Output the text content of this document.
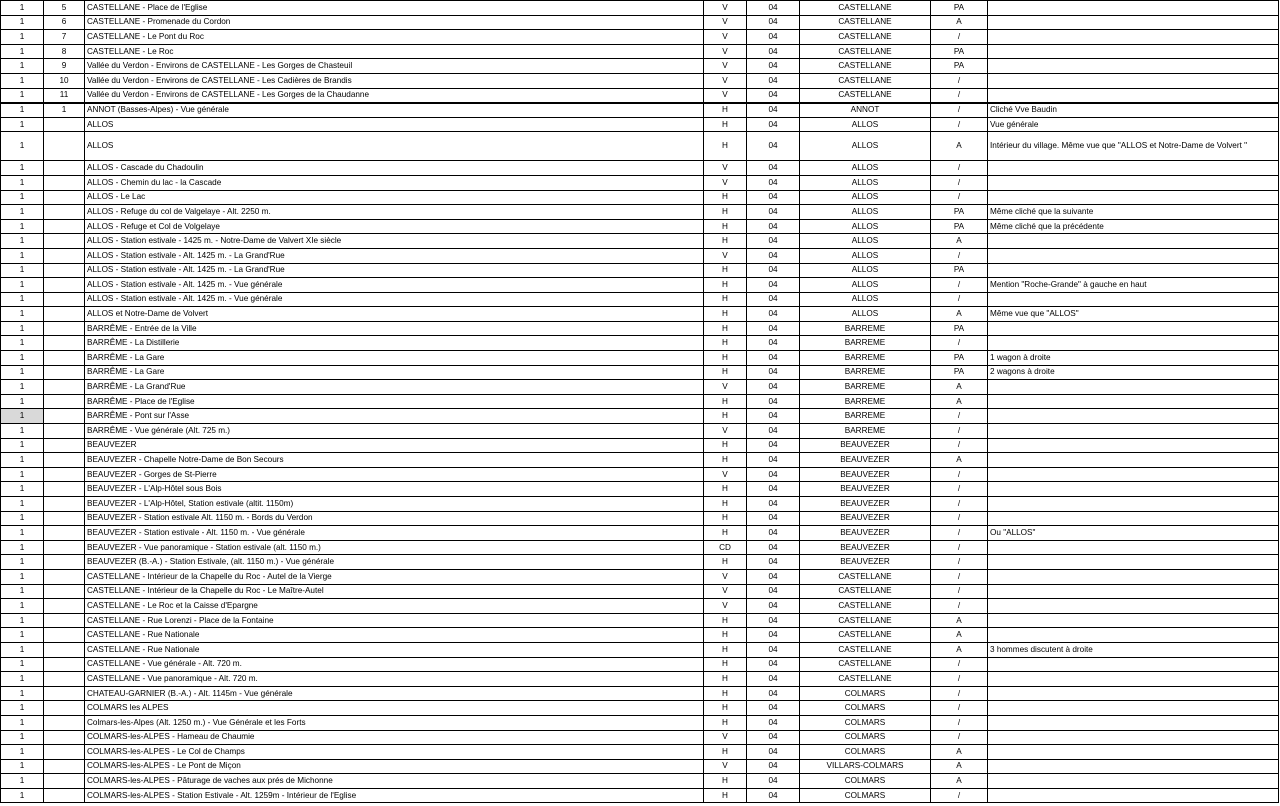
1	5	CASTELLANE - Place de l'Eglise	V	04	CASTELLANE	PA	
1	6	CASTELLANE - Promenade du Cordon	V	04	CASTELLANE	A	
1	7	CASTELLANE - Le Pont du Roc	V	04	CASTELLANE	/	
1	8	CASTELLANE - Le Roc	V	04	CASTELLANE	PA	
1	9	Vallée du Verdon - Environs de CASTELLANE - Les Gorges de Chasteuil	V	04	CASTELLANE	PA	
1	10	Vallée du Verdon - Environs de CASTELLANE - Les Cadières de Brandis	V	04	CASTELLANE	/	
1	11	Vallée du Verdon - Environs de CASTELLANE - Les Gorges de la Chaudanne	V	04	CASTELLANE	/	
1	1	ANNOT (Basses-Alpes) - Vue générale	H	04	ANNOT	/	Cliché Vve Baudin
1		ALLOS	H	04	ALLOS	/	Vue générale
1		ALLOS	H	04	ALLOS	A	Intérieur du village. Même vue que "ALLOS et Notre-Dame de Volvert "
1		ALLOS - Cascade du Chadoulin	V	04	ALLOS	/	
1		ALLOS - Chemin du lac - la Cascade	V	04	ALLOS	/	
1		ALLOS - Le Lac	H	04	ALLOS	/	
1		ALLOS - Refuge du col de Valgelaye - Alt. 2250 m.	H	04	ALLOS	PA	Même cliché que la suivante
1		ALLOS - Refuge et Col de Volgelaye	H	04	ALLOS	PA	Même cliché que la précédente
1		ALLOS - Station estivale - 1425 m. - Notre-Dame de Valvert XIe siècle	H	04	ALLOS	A	
1		ALLOS - Station estivale - Alt. 1425 m. - La Grand'Rue	V	04	ALLOS	/	
1		ALLOS - Station estivale - Alt. 1425 m. - La Grand'Rue	H	04	ALLOS	PA	
1		ALLOS - Station estivale - Alt. 1425 m. - Vue générale	H	04	ALLOS	/	Mention "Roche-Grande" à gauche en haut
1		ALLOS - Station estivale - Alt. 1425 m. - Vue générale	H	04	ALLOS	/	
1		ALLOS et Notre-Dame de Volvert	H	04	ALLOS	A	Même vue que "ALLOS"
1		BARRÊME - Entrée de la Ville	H	04	BARREME	PA	
1		BARRÊME - La Distillerie	H	04	BARREME	/	
1		BARRÊME - La Gare	H	04	BARREME	PA	1 wagon à droite
1		BARRÊME - La Gare	H	04	BARREME	PA	2 wagons à droite
1		BARRÊME - La Grand'Rue	V	04	BARREME	A	
1		BARRÊME - Place de l'Eglise	H	04	BARREME	A	
1		BARRÊME - Pont sur l'Asse	H	04	BARREME	/	
1		BARRÊME - Vue générale (Alt. 725 m.)	V	04	BARREME	/	
1		BEAUVEZER	H	04	BEAUVEZER	/	
1		BEAUVEZER - Chapelle Notre-Dame de Bon Secours	H	04	BEAUVEZER	A	
1		BEAUVEZER - Gorges de St-Pierre	V	04	BEAUVEZER	/	
1		BEAUVEZER - L'Alp-Hôtel sous Bois	H	04	BEAUVEZER	/	
1		BEAUVEZER - L'Alp-Hôtel, Station estivale (altit. 1150m)	H	04	BEAUVEZER	/	
1		BEAUVEZER - Station estivale Alt. 1150 m. - Bords du Verdon	H	04	BEAUVEZER	/	
1		BEAUVEZER - Station estivale - Alt. 1150 m. - Vue générale	H	04	BEAUVEZER	/	Ou "ALLOS"
1		BEAUVEZER - Vue panoramique - Station estivale (alt. 1150 m.)	CD	04	BEAUVEZER	/	
1		BEAUVEZER (B.-A.) - Station Estivale, (alt. 1150 m.) - Vue générale	H	04	BEAUVEZER	/	
1		CASTELLANE - Intérieur de la Chapelle du Roc - Autel de la Vierge	V	04	CASTELLANE	/	
1		CASTELLANE - Intérieur de la Chapelle du Roc - Le Maître-Autel	V	04	CASTELLANE	/	
1		CASTELLANE - Le Roc et la Caisse d'Epargne	V	04	CASTELLANE	/	
1		CASTELLANE - Rue Lorenzi - Place de la Fontaine	H	04	CASTELLANE	A	
1		CASTELLANE - Rue Nationale	H	04	CASTELLANE	A	
1		CASTELLANE - Rue Nationale	H	04	CASTELLANE	A	3 hommes discutent à droite
1		CASTELLANE - Vue générale - Alt. 720 m.	H	04	CASTELLANE	/	
1		CASTELLANE - Vue panoramique - Alt. 720 m.	H	04	CASTELLANE	/	
1		CHATEAU-GARNIER (B.-A.) - Alt. 1145m - Vue générale	H	04	COLMARS	/	
1		COLMARS les ALPES	H	04	COLMARS	/	
1		Colmars-les-Alpes (Alt. 1250 m.) - Vue Générale et les Forts	H	04	COLMARS	/	
1		COLMARS-les-ALPES - Hameau de Chaumie	V	04	COLMARS	/	
1		COLMARS-les-ALPES - Le Col de Champs	H	04	COLMARS	A	
1		COLMARS-les-ALPES - Le Pont de Miçon	V	04	VILLARS-COLMARS	A	
1		COLMARS-les-ALPES - Pâturage de vaches aux prés de Michonne	H	04	COLMARS	A	
1		COLMARS-les-ALPES - Station Estivale - Alt. 1259m - Intérieur de l'Eglise	H	04	COLMARS	/	
